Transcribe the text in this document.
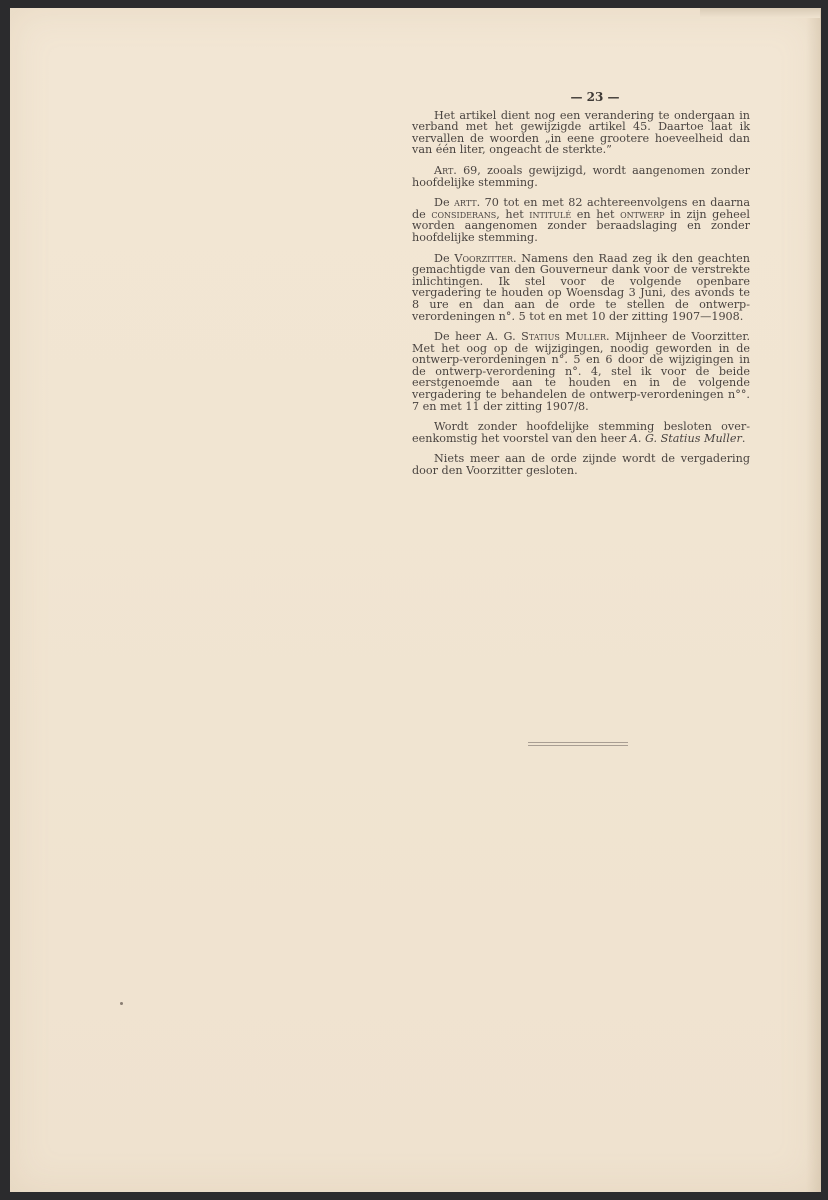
— 23 —

Het artikel dient nog een verandering te ondergaan in verband met het gewijzigde artikel 45. Daartoe laat ik vervallen de woorden „in eene grootere hoeveelheid dan van één liter, ongeacht de sterkte.”

Art. 69, zooals gewijzigd, wordt aangenomen zonder hoofdelijke stemming.

De artt. 70 tot en met 82 achtereenvolgens en daarna de considerans, het intitulé en het ontwerp in zijn geheel worden aangenomen zonder beraadslaging en zonder hoofdelijke stemming.

De Voorzitter. Namens den Raad zeg ik den geachten gemachtigde van den Gouverneur dank voor de verstrekte inlichtingen. Ik stel voor de volgende openbare vergadering te houden op Woensdag 3 Juni, des avonds te 8 ure en dan aan de orde te stellen de ontwerp-verordeningen n°. 5 tot en met 10 der zitting 1907—1908.

De heer A. G. Statius Muller. Mijnheer de Voorzitter. Met het oog op de wijzigingen, noodig geworden in de ontwerp-verordeningen n°. 5 en 6 door de wijzigingen in de ontwerp-verordening n°. 4, stel ik voor de beide eerstgenoemde aan te houden en in de volgende vergadering te behandelen de ontwerp-verordeningen n°°. 7 en met 11 der zitting 1907/8.

Wordt zonder hoofdelijke stemming besloten overeenkomstig het voorstel van den heer A. G. Statius Muller.

Niets meer aan de orde zijnde wordt de vergadering door den Voorzitter gesloten.
